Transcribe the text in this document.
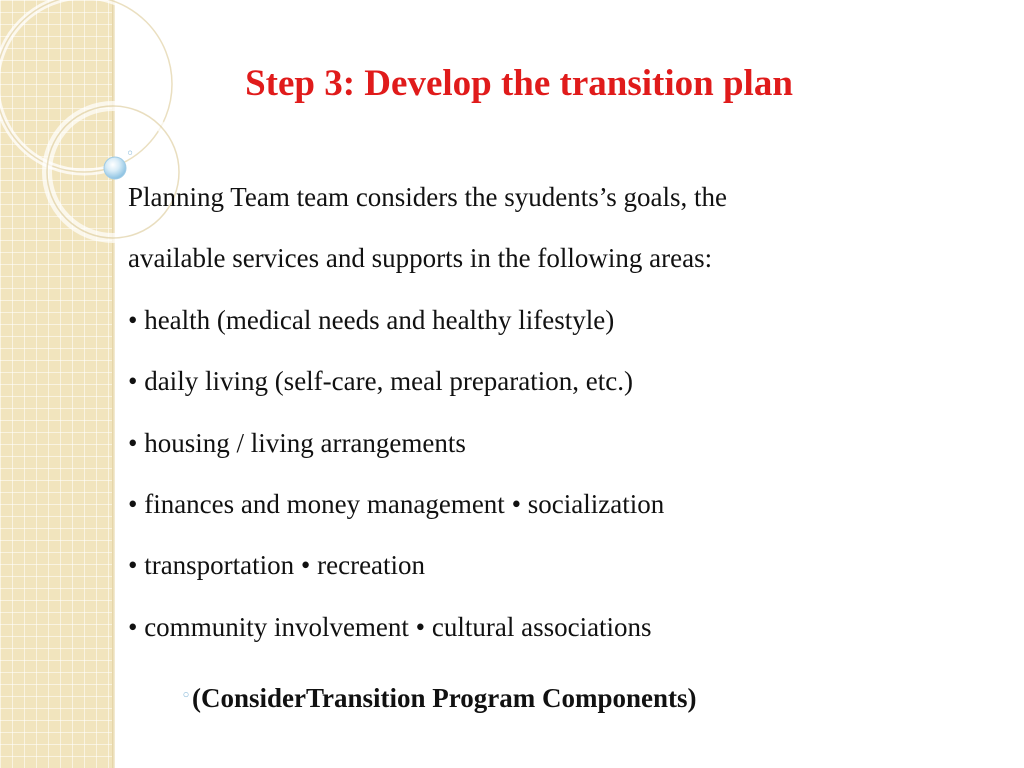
Step 3: Develop the transition plan
◦
Planning Team team considers the syudents’s goals, the
available services and supports in the following areas:
• health (medical needs and healthy lifestyle)
• daily living (self-care, meal preparation, etc.)
• housing / living arrangements
• finances and money management • socialization
• transportation • recreation
• community involvement • cultural associations
◦(ConsiderTransition Program Components)
